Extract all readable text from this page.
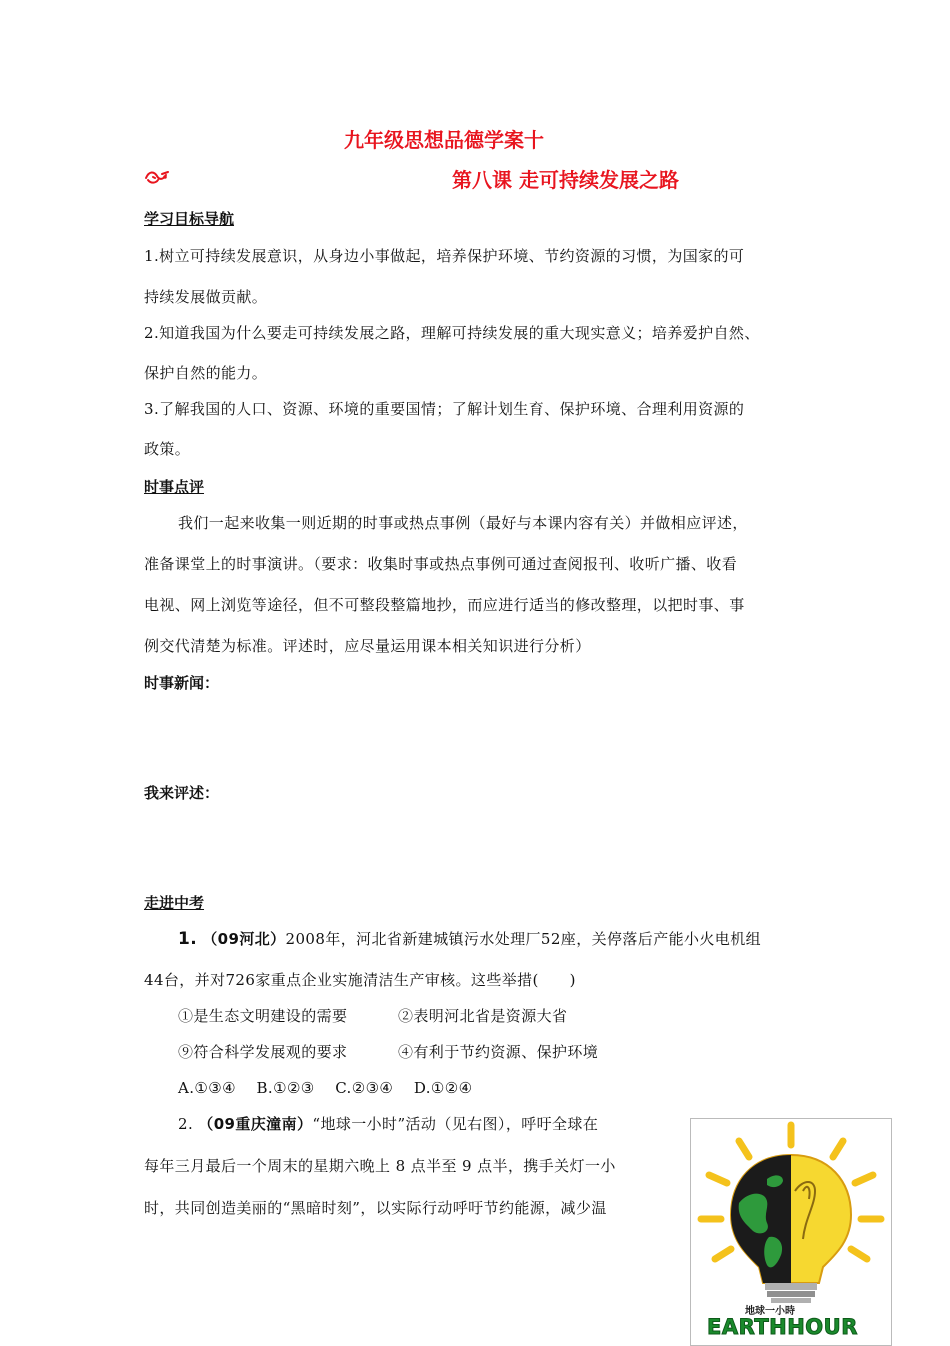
九年级思想品德学案十
第八课 走可持续发展之路
学习目标导航
1.树立可持续发展意识，从身边小事做起，培养保护环境、节约资源的习惯，为国家的可
持续发展做贡献。
2.知道我国为什么要走可持续发展之路，理解可持续发展的重大现实意义；培养爱护自然、
保护自然的能力。
3.了解我国的人口、资源、环境的重要国情；了解计划生育、保护环境、合理利用资源的
政策。
时事点评
我们一起来收集一则近期的时事或热点事例（最好与本课内容有关）并做相应评述，
准备课堂上的时事演讲。（要求：收集时事或热点事例可通过查阅报刊、收听广播、收看
电视、网上浏览等途径，但不可整段整篇地抄，而应进行适当的修改整理，以把时事、事
例交代清楚为标准。评述时，应尽量运用课本相关知识进行分析）
时事新闻：
我来评述：
走进中考
1. （09河北）2008年，河北省新建城镇污水处理厂52座，关停落后产能小火电机组
44台，并对726家重点企业实施清洁生产审核。这些举措(　　)
①是生态文明建设的需要	②表明河北省是资源大省
⑨符合科学发展观的要求	④有利于节约资源、保护环境
A.①③④　 B.①②③　 C.②③④　 D.①②④
2. （09重庆潼南）“地球一小时”活动（见右图），呼吁全球在
每年三月最后一个周末的星期六晚上 8 点半至 9 点半，携手关灯一小
时，共同创造美丽的“黑暗时刻”，以实际行动呼吁节约能源，减少温
地球一小時
EARTHHOUR
